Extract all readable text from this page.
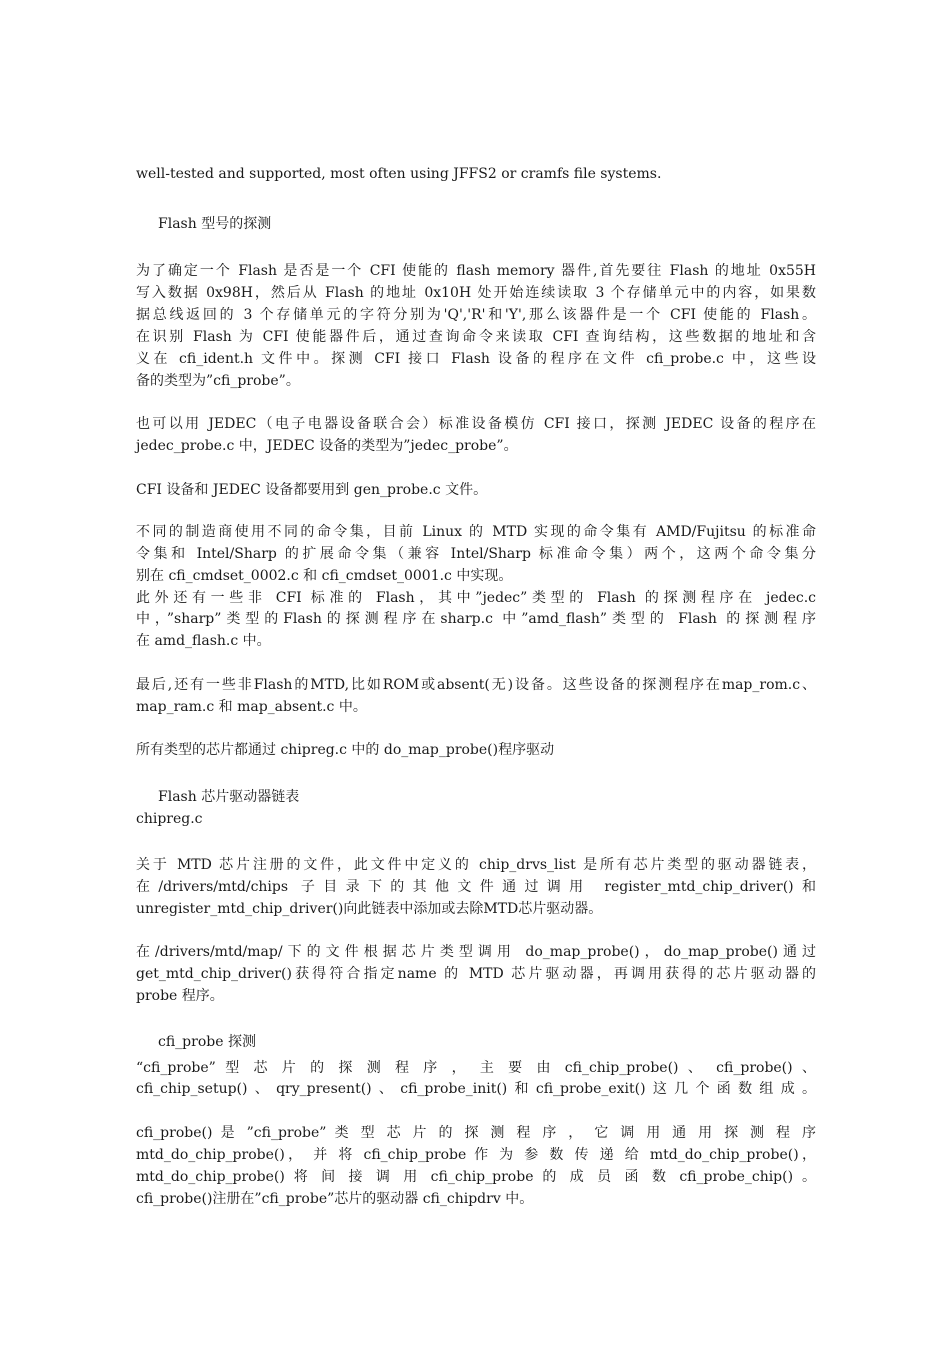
well-tested and supported, most often using JFFS2 or cramfs file systems.
Flash 型号的探测
为了确定一个 Flash 是否是一个 CFI 使能的 flash memory 器件,首先要往 Flash 的地址 0x55H
写入数据 0x98H，然后从 Flash 的地址 0x10H 处开始连续读取 3 个存储单元中的内容，如果数
据总线返回的 3 个存储单元的字符分别为'Q','R'和'Y',那么该器件是一个 CFI 使能的 Flash。
在识别 Flash 为 CFI 使能器件后，通过查询命令来读取 CFI 查询结构，这些数据的地址和含
义在 cfi_ident.h 文件中。探测 CFI 接口 Flash 设备的程序在文件 cfi_probe.c 中，这些设
备的类型为”cfi_probe”。
也可以用 JEDEC（电子电器设备联合会）标准设备模仿 CFI 接口，探测 JEDEC 设备的程序在
jedec_probe.c 中，JEDEC 设备的类型为”jedec_probe”。
CFI 设备和 JEDEC 设备都要用到 gen_probe.c 文件。
不同的制造商使用不同的命令集，目前 Linux 的 MTD 实现的命令集有 AMD/Fujitsu 的标准命
令集和 Intel/Sharp 的扩展命令集（兼容 Intel/Sharp 标准命令集）两个，这两个命令集分
别在 cfi_cmdset_0002.c 和 cfi_cmdset_0001.c 中实现。
此外还有一些非 CFI 标准的 Flash，其中”jedec”类型的 Flash 的探测程序在 jedec.c
中，”sharp”类型的Flash的探测程序在sharp.c 中”amd_flash”类型的 Flash 的探测程序
在 amd_flash.c 中。
最后,还有一些非Flash的MTD,比如ROM或absent(无)设备。这些设备的探测程序在map_rom.c、
map_ram.c 和 map_absent.c 中。
所有类型的芯片都通过 chipreg.c 中的 do_map_probe()程序驱动
Flash 芯片驱动器链表
chipreg.c
关于 MTD 芯片注册的文件，此文件中定义的 chip_drvs_list 是所有芯片类型的驱动器链表，
在/drivers/mtd/chips 子目录下的其他文件通过调用 register_mtd_chip_driver()和
unregister_mtd_chip_driver()向此链表中添加或去除MTD芯片驱动器。
在/drivers/mtd/map/下的文件根据芯片类型调用 do_map_probe()，do_map_probe()通过
get_mtd_chip_driver()获得符合指定name 的 MTD 芯片驱动器，再调用获得的芯片驱动器的
probe 程序。
cfi_probe 探测
“cfi_probe” 型 芯 片 的 探 测 程 序 ， 主 要 由 cfi_chip_probe() 、 cfi_probe() 、
cfi_chip_setup()、qry_present()、cfi_probe_init()和cfi_probe_exit()这几个函数组成。
cfi_probe() 是 ”cfi_probe” 类 型 芯 片 的 探 测 程 序 ， 它 调 用 通 用 探 测 程 序
mtd_do_chip_probe()， 并 将 cfi_chip_probe 作 为 参 数 传 递 给 mtd_do_chip_probe()，
mtd_do_chip_probe() 将 间 接 调 用 cfi_chip_probe 的 成 员 函 数 cfi_probe_chip() 。
cfi_probe()注册在”cfi_probe”芯片的驱动器 cfi_chipdrv 中。
